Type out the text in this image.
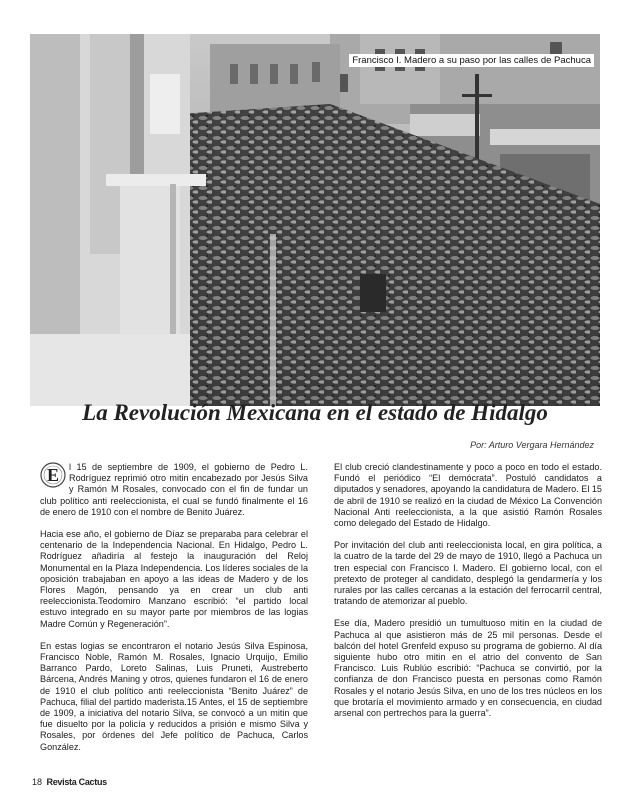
Francisco I. Madero a su paso por las calles de Pachuca
La Revolución Mexicana en el estado de Hidalgo
Por: Arturo Vergara Hernández

E l 15 de septiembre de 1909, el gobierno de Pedro L. Rodríguez reprimió otro mitin encabezado por Jesús Silva y Ramón M Rosales, convocado con el fin de fundar un club político anti reeleccionista, el cual se fundó finalmente el 16 de enero de 1910 con el nombre de Benito Juárez.

Hacia ese año, el gobierno de Díaz se preparaba para celebrar el centenario de la Independencia Nacional. En Hidalgo, Pedro L. Rodríguez añadiría al festejo la inauguración del Reloj Monumental en la Plaza Independencia. Los líderes sociales de la oposición trabajaban en apoyo a las ideas de Madero y de los Flores Magón, pensando ya en crear un club anti reeleccionista.Teodomiro Manzano escribió: “el partido local estuvo integrado en su mayor parte por miembros de las logias Madre Común y Regeneración”.

En estas logias se encontraron el notario Jesús Silva Espinosa, Francisco Noble, Ramón M. Rosales, Ignacio Urquijo, Emilio Barranco Pardo, Loreto Salinas, Luis Pruneti, Austreberto Bárcena, Andrés Maning y otros, quienes fundaron el 16 de enero de 1910 el club político anti reeleccionista “Benito Juárez” de Pachuca, filial del partido maderista.15 Antes, el 15 de septiembre de 1909, a iniciativa del notario Silva, se convocó a un mitin que fue disuelto por la policía y reducidos a prisión e mismo Silva y Rosales, por órdenes del Jefe político de Pachuca, Carlos González.

El club creció clandestinamente y poco a poco en todo el estado. Fundó el periódico “El demócrata”. Postuló candidatos a diputados y senadores, apoyando la candidatura de Madero. El 15 de abril de 1910 se realizó en la ciudad de México La Convención Nacional Anti reeleccionista, a la que asistió Ramón Rosales como delegado del Estado de Hidalgo.

Por invitación del club anti reeleccionista local, en gira política, a la cuatro de la tarde del 29 de mayo de 1910, llegó a Pachuca un tren especial con Francisco I. Madero. El gobierno local, con el pretexto de proteger al candidato, desplegó la gendarmería y los rurales por las calles cercanas a la estación del ferrocarril central, tratando de atemorizar al pueblo.

Ese día, Madero presidió un tumultuoso mitin en la ciudad de Pachuca al que asistieron más de 25 mil personas. Desde el balcón del hotel Grenfeld expuso su programa de gobierno. Al día siguiente hubo otro mitin en el atrio del convento de San Francisco. Luis Rublúo escribió: “Pachuca se convirtió, por la confianza de don Francisco puesta en personas como Ramón Rosales y el notario Jesús Silva, en uno de los tres núcleos en los que brotaría el movimiento armado y en consecuencia, en ciudad arsenal con pertrechos para la guerra”.

18 Revista Cactus
